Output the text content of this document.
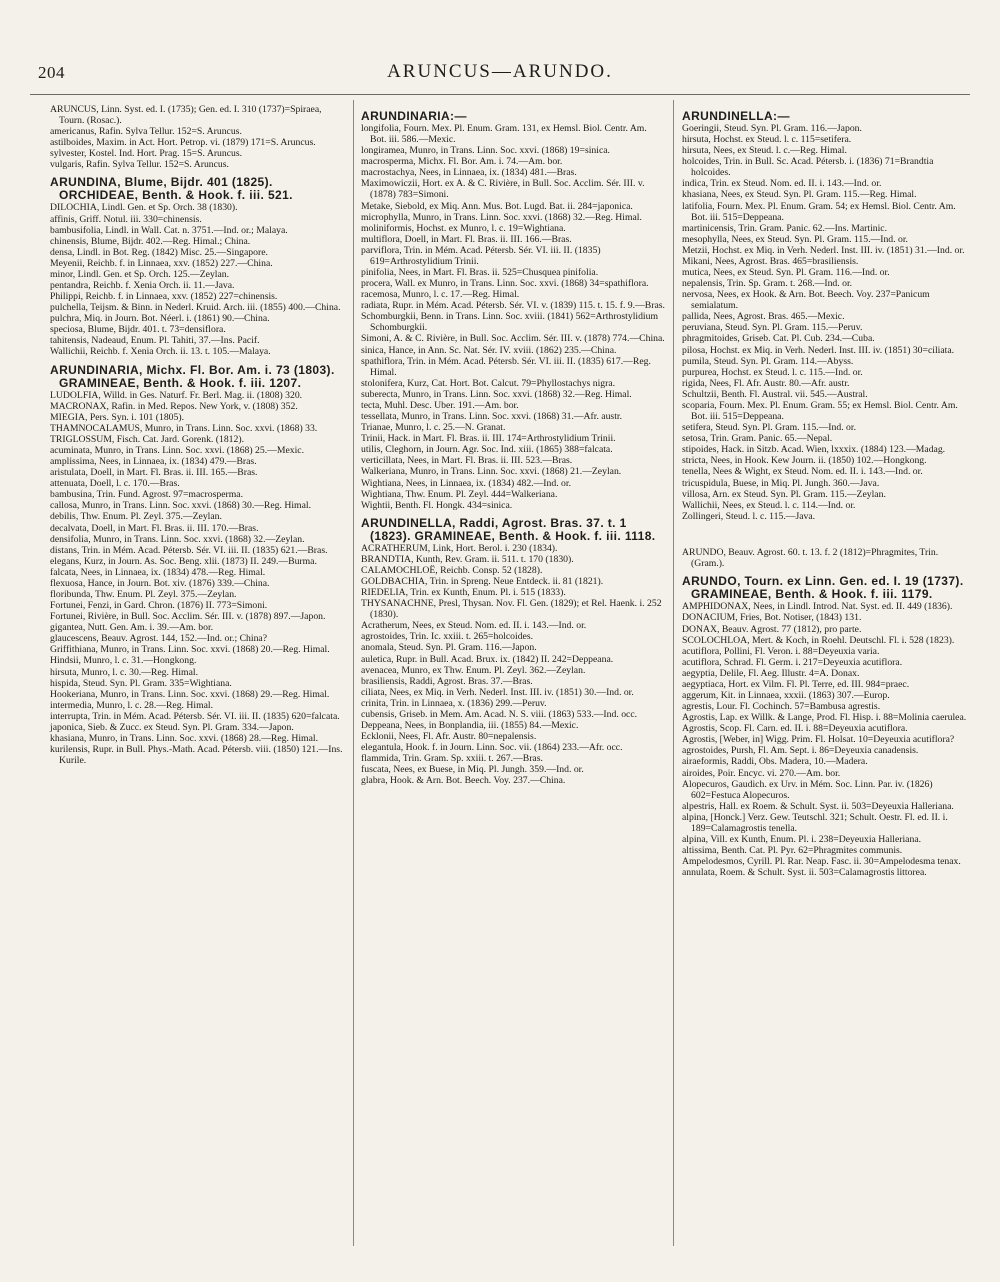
204	ARUNCUS—ARUNDO.

ARUNCUS, Linn. Syst. ed. I. (1735); Gen. ed. I. 310 (1737)=Spiraea, Tourn. (Rosac.).

americanus, Rafin. Sylva Tellur. 152=S. Aruncus.

astilboides, Maxim. in Act. Hort. Petrop. vi. (1879) 171=S. Aruncus.

sylvester, Kostel. Ind. Hort. Prag. 15=S. Aruncus.

vulgaris, Rafin. Sylva Tellur. 152=S. Aruncus.

ARUNDINA, Blume, Bijdr. 401 (1825). ORCHIDEAE, Benth. & Hook. f. iii. 521.

DILOCHIA, Lindl. Gen. et Sp. Orch. 38 (1830).

affinis, Griff. Notul. iii. 330=chinensis.

bambusifolia, Lindl. in Wall. Cat. n. 3751.—Ind. or.; Malaya.

chinensis, Blume, Bijdr. 402.—Reg. Himal.; China.

densa, Lindl. in Bot. Reg. (1842) Misc. 25.—Singapore.

Meyenii, Reichb. f. in Linnaea, xxv. (1852) 227.—China.

minor, Lindl. Gen. et Sp. Orch. 125.—Zeylan.

pentandra, Reichb. f. Xenia Orch. ii. 11.—Java.

Philippi, Reichb. f. in Linnaea, xxv. (1852) 227=chinensis.

pulchella, Teijsm. & Binn. in Nederl. Kruid. Arch. iii. (1855) 400.—China.

pulchra, Miq. in Journ. Bot. Néerl. i. (1861) 90.—China.

speciosa, Blume, Bijdr. 401. t. 73=densiflora.

tahitensis, Nadeaud, Enum. Pl. Tahiti, 37.—Ins. Pacif.

Wallichii, Reichb. f. Xenia Orch. ii. 13. t. 105.—Malaya.

ARUNDINARIA, Michx. Fl. Bor. Am. i. 73 (1803). GRAMINEAE, Benth. & Hook. f. iii. 1207.

LUDOLFIA, Willd. in Ges. Naturf. Fr. Berl. Mag. ii. (1808) 320.

MACRONAX, Rafin. in Med. Repos. New York, v. (1808) 352.

MIEGIA, Pers. Syn. i. 101 (1805).

THAMNOCALAMUS, Munro, in Trans. Linn. Soc. xxvi. (1868) 33.

TRIGLOSSUM, Fisch. Cat. Jard. Gorenk. (1812).

acuminata, Munro, in Trans. Linn. Soc. xxvi. (1868) 25.—Mexic.

amplissima, Nees, in Linnaea, ix. (1834) 479.—Bras.

aristulata, Doell, in Mart. Fl. Bras. ii. III. 165.—Bras.

attenuata, Doell, l. c. 170.—Bras.

bambusina, Trin. Fund. Agrost. 97=macrosperma.

callosa, Munro, in Trans. Linn. Soc. xxvi. (1868) 30.—Reg. Himal.

debilis, Thw. Enum. Pl. Zeyl. 375.—Zeylan.

decalvata, Doell, in Mart. Fl. Bras. ii. III. 170.—Bras.

densifolia, Munro, in Trans. Linn. Soc. xxvi. (1868) 32.—Zeylan.

distans, Trin. in Mém. Acad. Pétersb. Sér. VI. iii. II. (1835) 621.—Bras.

elegans, Kurz, in Journ. As. Soc. Beng. xlii. (1873) II. 249.—Burma.

falcata, Nees, in Linnaea, ix. (1834) 478.—Reg. Himal.

flexuosa, Hance, in Journ. Bot. xiv. (1876) 339.—China.

floribunda, Thw. Enum. Pl. Zeyl. 375.—Zeylan.

Fortunei, Fenzi, in Gard. Chron. (1876) II. 773=Simoni.

Fortunei, Rivière, in Bull. Soc. Acclim. Sér. III. v. (1878) 897.—Japon.

gigantea, Nutt. Gen. Am. i. 39.—Am. bor.

glaucescens, Beauv. Agrost. 144, 152.—Ind. or.; China?

Griffithiana, Munro, in Trans. Linn. Soc. xxvi. (1868) 20.—Reg. Himal.

Hindsii, Munro, l. c. 31.—Hongkong.

hirsuta, Munro, l. c. 30.—Reg. Himal.

hispida, Steud. Syn. Pl. Gram. 335=Wightiana.

Hookeriana, Munro, in Trans. Linn. Soc. xxvi. (1868) 29.—Reg. Himal.

intermedia, Munro, l. c. 28.—Reg. Himal.

interrupta, Trin. in Mém. Acad. Pétersb. Sér. VI. iii. II. (1835) 620=falcata.

japonica, Sieb. & Zucc. ex Steud. Syn. Pl. Gram. 334.—Japon.

khasiana, Munro, in Trans. Linn. Soc. xxvi. (1868) 28.—Reg. Himal.

kurilensis, Rupr. in Bull. Phys.-Math. Acad. Pétersb. viii. (1850) 121.—Ins. Kurile.

ARUNDINARIA:—

longifolia, Fourn. Mex. Pl. Enum. Gram. 131, ex Hemsl. Biol. Centr. Am. Bot. iii. 586.—Mexic.

longiramea, Munro, in Trans. Linn. Soc. xxvi. (1868) 19=sinica.

macrosperma, Michx. Fl. Bor. Am. i. 74.—Am. bor.

macrostachya, Nees, in Linnaea, ix. (1834) 481.—Bras.

Maximowiczii, Hort. ex A. & C. Rivière, in Bull. Soc. Acclim. Sér. III. v. (1878) 783=Simoni.

Metake, Siebold, ex Miq. Ann. Mus. Bot. Lugd. Bat. ii. 284=japonica.

microphylla, Munro, in Trans. Linn. Soc. xxvi. (1868) 32.—Reg. Himal.

moliniformis, Hochst. ex Munro, l. c. 19=Wightiana.

multiflora, Doell, in Mart. Fl. Bras. ii. III. 166.—Bras.

parviflora, Trin. in Mém. Acad. Pétersb. Sér. VI. iii. II. (1835) 619=Arthrostylidium Trinii.

pinifolia, Nees, in Mart. Fl. Bras. ii. 525=Chusquea pinifolia.

procera, Wall. ex Munro, in Trans. Linn. Soc. xxvi. (1868) 34=spathiflora.

racemosa, Munro, l. c. 17.—Reg. Himal.

radiata, Rupr. in Mém. Acad. Pétersb. Sér. VI. v. (1839) 115. t. 15. f. 9.—Bras.

Schomburgkii, Benn. in Trans. Linn. Soc. xviii. (1841) 562=Arthrostylidium Schomburgkii.

Simoni, A. & C. Rivière, in Bull. Soc. Acclim. Sér. III. v. (1878) 774.—China.

sinica, Hance, in Ann. Sc. Nat. Sér. IV. xviii. (1862) 235.—China.

spathiflora, Trin. in Mém. Acad. Pétersb. Sér. VI. iii. II. (1835) 617.—Reg. Himal.

stolonifera, Kurz, Cat. Hort. Bot. Calcut. 79=Phyllostachys nigra.

suberecta, Munro, in Trans. Linn. Soc. xxvi. (1868) 32.—Reg. Himal.

tecta, Muhl. Desc. Uber. 191.—Am. bor.

tessellata, Munro, in Trans. Linn. Soc. xxvi. (1868) 31.—Afr. austr.

Trianae, Munro, l. c. 25.—N. Granat.

Trinii, Hack. in Mart. Fl. Bras. ii. III. 174=Arthrostylidium Trinii.

utilis, Cleghorn, in Journ. Agr. Soc. Ind. xiii. (1865) 388=falcata.

verticillata, Nees, in Mart. Fl. Bras. ii. III. 523.—Bras.

Walkeriana, Munro, in Trans. Linn. Soc. xxvi. (1868) 21.—Zeylan.

Wightiana, Nees, in Linnaea, ix. (1834) 482.—Ind. or.

Wightiana, Thw. Enum. Pl. Zeyl. 444=Walkeriana.

Wightii, Benth. Fl. Hongk. 434=sinica.

ARUNDINELLA, Raddi, Agrost. Bras. 37. t. 1 (1823). GRAMINEAE, Benth. & Hook. f. iii. 1118.

ACRATHERUM, Link, Hort. Berol. i. 230 (1834).

BRANDTIA, Kunth, Rev. Gram. ii. 511. t. 170 (1830).

CALAMOCHLOË, Reichb. Consp. 52 (1828).

GOLDBACHIA, Trin. in Spreng. Neue Entdeck. ii. 81 (1821).

RIEDELIA, Trin. ex Kunth, Enum. Pl. i. 515 (1833).

THYSANACHNE, Presl, Thysan. Nov. Fl. Gen. (1829); et Rel. Haenk. i. 252 (1830).

Acratherum, Nees, ex Steud. Nom. ed. II. i. 143.—Ind. or.

agrostoides, Trin. Ic. xxiii. t. 265=holcoides.

anomala, Steud. Syn. Pl. Gram. 116.—Japon.

auletica, Rupr. in Bull. Acad. Brux. ix. (1842) II. 242=Deppeana.

avenacea, Munro, ex Thw. Enum. Pl. Zeyl. 362.—Zeylan.

brasiliensis, Raddi, Agrost. Bras. 37.—Bras.

ciliata, Nees, ex Miq. in Verh. Nederl. Inst. III. iv. (1851) 30.—Ind. or.

crinita, Trin. in Linnaea, x. (1836) 299.—Peruv.

cubensis, Griseb. in Mem. Am. Acad. N. S. viii. (1863) 533.—Ind. occ.

Deppeana, Nees, in Bonplandia, iii. (1855) 84.—Mexic.

Ecklonii, Nees, Fl. Afr. Austr. 80=nepalensis.

elegantula, Hook. f. in Journ. Linn. Soc. vii. (1864) 233.—Afr. occ.

flammida, Trin. Gram. Sp. xxiii. t. 267.—Bras.

fuscata, Nees, ex Buese, in Miq. Pl. Jungh. 359.—Ind. or.

glabra, Hook. & Arn. Bot. Beech. Voy. 237.—China.

ARUNDINELLA:—

Goeringii, Steud. Syn. Pl. Gram. 116.—Japon.

hirsuta, Hochst. ex Steud. l. c. 115=setifera.

hirsuta, Nees, ex Steud. l. c.—Reg. Himal.

holcoides, Trin. in Bull. Sc. Acad. Pétersb. i. (1836) 71=Brandtia holcoides.

indica, Trin. ex Steud. Nom. ed. II. i. 143.—Ind. or.

khasiana, Nees, ex Steud. Syn. Pl. Gram. 115.—Reg. Himal.

latifolia, Fourn. Mex. Pl. Enum. Gram. 54; ex Hemsl. Biol. Centr. Am. Bot. iii. 515=Deppeana.

martinicensis, Trin. Gram. Panic. 62.—Ins. Martinic.

mesophylla, Nees, ex Steud. Syn. Pl. Gram. 115.—Ind. or.

Metzii, Hochst. ex Miq. in Verh. Nederl. Inst. III. iv. (1851) 31.—Ind. or.

Mikani, Nees, Agrost. Bras. 465=brasiliensis.

mutica, Nees, ex Steud. Syn. Pl. Gram. 116.—Ind. or.

nepalensis, Trin. Sp. Gram. t. 268.—Ind. or.

nervosa, Nees, ex Hook. & Arn. Bot. Beech. Voy. 237=Panicum semialatum.

pallida, Nees, Agrost. Bras. 465.—Mexic.

peruviana, Steud. Syn. Pl. Gram. 115.—Peruv.

phragmitoides, Griseb. Cat. Pl. Cub. 234.—Cuba.

pilosa, Hochst. ex Miq. in Verh. Nederl. Inst. III. iv. (1851) 30=ciliata.

pumila, Steud. Syn. Pl. Gram. 114.—Abyss.

purpurea, Hochst. ex Steud. l. c. 115.—Ind. or.

rigida, Nees, Fl. Afr. Austr. 80.—Afr. austr.

Schultzii, Benth. Fl. Austral. vii. 545.—Austral.

scoparia, Fourn. Mex. Pl. Enum. Gram. 55; ex Hemsl. Biol. Centr. Am. Bot. iii. 515=Deppeana.

setifera, Steud. Syn. Pl. Gram. 115.—Ind. or.

setosa, Trin. Gram. Panic. 65.—Nepal.

stipoides, Hack. in Sitzb. Acad. Wien, lxxxix. (1884) 123.—Madag.

stricta, Nees, in Hook. Kew Journ. ii. (1850) 102.—Hongkong.

tenella, Nees & Wight, ex Steud. Nom. ed. II. i. 143.—Ind. or.

tricuspidula, Buese, in Miq. Pl. Jungh. 360.—Java.

villosa, Arn. ex Steud. Syn. Pl. Gram. 115.—Zeylan.

Wallichii, Nees, ex Steud. l. c. 114.—Ind. or.

Zollingeri, Steud. l. c. 115.—Java.

ARUNDO, Beauv. Agrost. 60. t. 13. f. 2 (1812)=Phragmites, Trin. (Gram.).

ARUNDO, Tourn. ex Linn. Gen. ed. I. 19 (1737). GRAMINEAE, Benth. & Hook. f. iii. 1179.

AMPHIDONAX, Nees, in Lindl. Introd. Nat. Syst. ed. II. 449 (1836).

DONACIUM, Fries, Bot. Notiser, (1843) 131.

DONAX, Beauv. Agrost. 77 (1812), pro parte.

SCOLOCHLOA, Mert. & Koch, in Roehl. Deutschl. Fl. i. 528 (1823).

acutiflora, Pollini, Fl. Veron. i. 88=Deyeuxia varia.

acutiflora, Schrad. Fl. Germ. i. 217=Deyeuxia acutiflora.

aegyptia, Delile, Fl. Aeg. Illustr. 4=A. Donax.

aegyptiaca, Hort. ex Vilm. Fl. Pl. Terre, ed. III. 984=praec.

aggerum, Kit. in Linnaea, xxxii. (1863) 307.—Europ.

agrestis, Lour. Fl. Cochinch. 57=Bambusa agrestis.

Agrostis, Lap. ex Willk. & Lange, Prod. Fl. Hisp. i. 88=Molinia caerulea.

Agrostis, Scop. Fl. Carn. ed. II. i. 88=Deyeuxia acutiflora.

Agrostis, [Weber, in] Wigg. Prim. Fl. Holsat. 10=Deyeuxia acutiflora?

agrostoides, Pursh, Fl. Am. Sept. i. 86=Deyeuxia canadensis.

airaeformis, Raddi, Obs. Madera, 10.—Madera.

airoides, Poir. Encyc. vi. 270.—Am. bor.

Alopecuros, Gaudich. ex Urv. in Mém. Soc. Linn. Par. iv. (1826) 602=Festuca Alopecuros.

alpestris, Hall. ex Roem. & Schult. Syst. ii. 503=Deyeuxia Halleriana.

alpina, [Honck.] Verz. Gew. Teutschl. 321; Schult. Oestr. Fl. ed. II. i. 189=Calamagrostis tenella.

alpina, Vill. ex Kunth, Enum. Pl. i. 238=Deyeuxia Halleriana.

altissima, Benth. Cat. Pl. Pyr. 62=Phragmites communis.

Ampelodesmos, Cyrill. Pl. Rar. Neap. Fasc. ii. 30=Ampelodesma tenax.

annulata, Roem. & Schult. Syst. ii. 503=Calamagrostis littorea.
